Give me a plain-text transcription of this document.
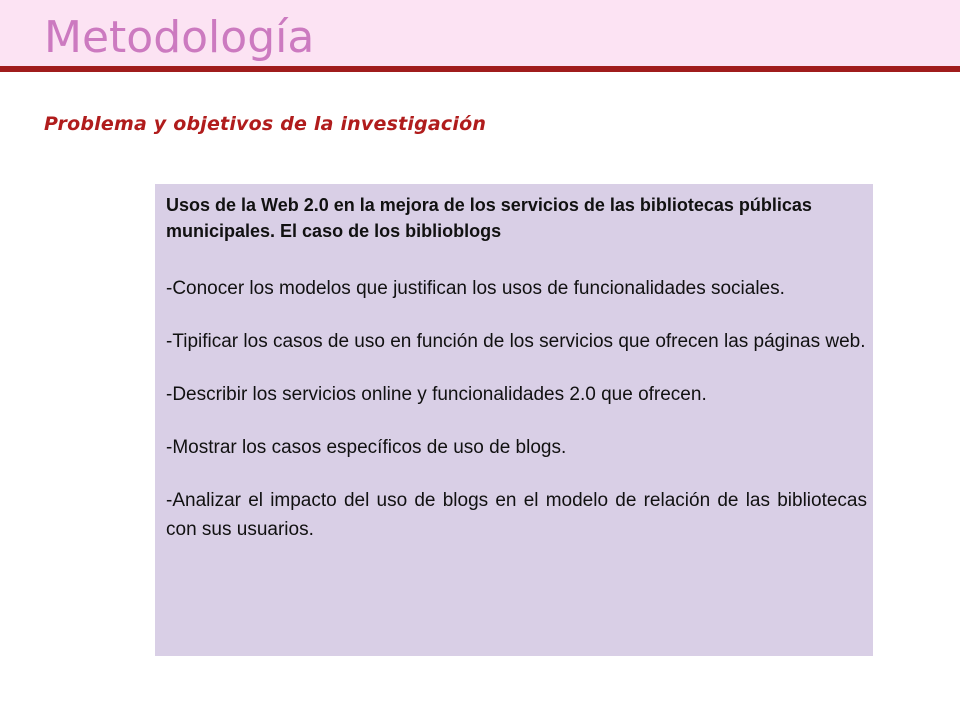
Metodología
Problema y objetivos de la investigación

Usos de la Web 2.0 en la mejora de los servicios de las bibliotecas públicas municipales. El caso de los biblioblogs

-Conocer los modelos que justifican los usos de funcionalidades sociales.
-Tipificar los casos de uso en función de los servicios que ofrecen las páginas web.
-Describir los servicios online y funcionalidades 2.0 que ofrecen.
-Mostrar los casos específicos de uso de blogs.
-Analizar el impacto del uso de blogs en el modelo de relación de las bibliotecas con sus usuarios.
